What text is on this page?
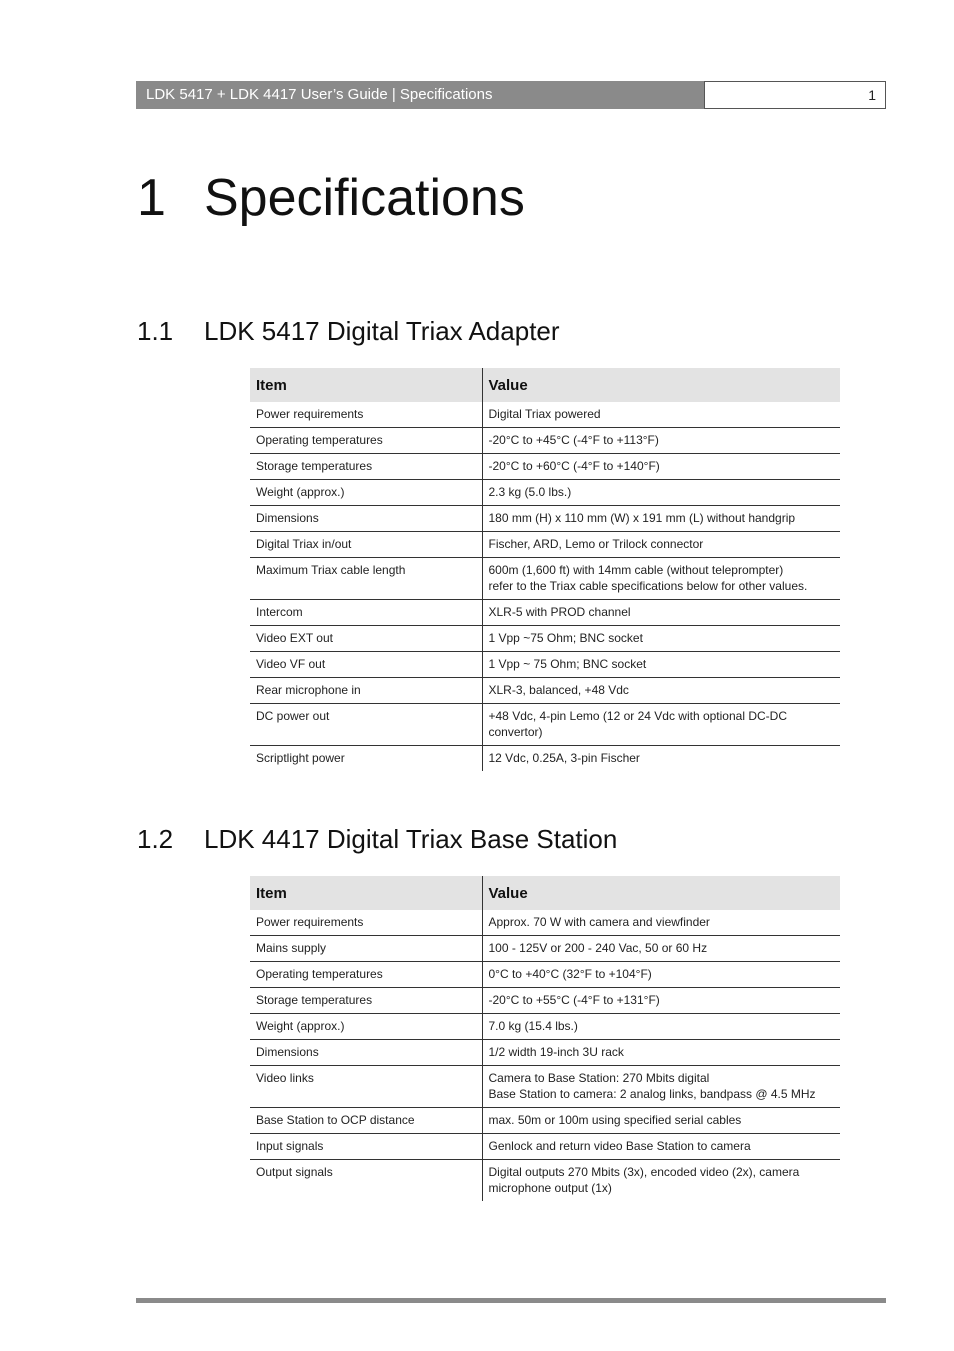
LDK 5417 + LDK 4417 User’s Guide | Specifications	1
1 Specifications
1.1 LDK 5417 Digital Triax Adapter
Item	Value
Power requirements	Digital Triax powered

Operating temperatures	-20°C to +45°C (-4°F to +113°F)

Storage temperatures	-20°C to +60°C (-4°F to +140°F)

Weight (approx.)	2.3 kg (5.0 lbs.)

Dimensions	180 mm (H) x 110 mm (W) x 191 mm (L) without handgrip

Digital Triax in/out	Fischer, ARD, Lemo or Trilock connector

Maximum Triax cable length	600m (1,600 ft) with 14mm cable (without teleprompter)
refer to the Triax cable specifications below for other values.

Intercom	XLR-5 with PROD channel

Video EXT out	1 Vpp ~75 Ohm; BNC socket

Video VF out	1 Vpp ~ 75 Ohm; BNC socket

Rear microphone in	XLR-3, balanced, +48 Vdc

DC power out	+48 Vdc, 4-pin Lemo (12 or 24 Vdc with optional DC-DC
convertor)

Scriptlight power	12 Vdc, 0.25A, 3-pin Fischer
1.2 LDK 4417 Digital Triax Base Station
Item	Value
Power requirements	Approx. 70 W with camera and viewfinder

Mains supply	100 - 125V or 200 - 240 Vac, 50 or 60 Hz

Operating temperatures	0°C to +40°C (32°F to +104°F)

Storage temperatures	-20°C to +55°C (-4°F to +131°F)

Weight (approx.)	7.0 kg (15.4 lbs.)

Dimensions	1/2 width 19-inch 3U rack

Video links	Camera to Base Station: 270 Mbits digital
Base Station to camera: 2 analog links, bandpass @ 4.5 MHz

Base Station to OCP distance	max. 50m or 100m using specified serial cables

Input signals	Genlock and return video Base Station to camera

Output signals	Digital outputs 270 Mbits (3x), encoded video (2x), camera
microphone output (1x)
